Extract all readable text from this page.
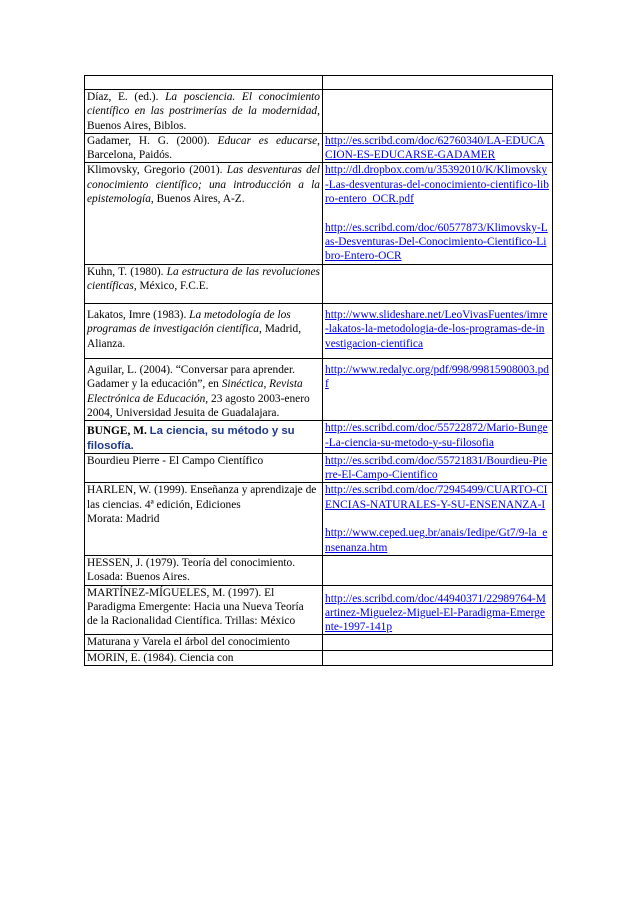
Díaz, E. (ed.). La posciencia. El conocimiento científico en las postrimerías de la modernidad, Buenos Aires, Biblos.	
Gadamer, H. G. (2000). Educar es educarse, Barcelona, Paidós.	http://es.scribd.com/doc/62760340/LA-EDUCACION-ES-EDUCARSE-GADAMER

Klimovsky, Gregorio (2001). Las desventuras del conocimiento científico; una introducción a la epistemología, Buenos Aires, A-Z.	http://dl.dropbox.com/u/35392010/K/Klimovsky-Las-desventuras-del-conocimiento-cientifico-libro-entero_OCR.pdf
http://es.scribd.com/doc/60577873/Klimovsky-Las-Desventuras-Del-Conocimiento-Cientifico-Libro-Entero-OCR

Kuhn, T. (1980). La estructura de las revoluciones científicas, México, F.C.E.	
Lakatos, Imre (1983). La metodología de los programas de investigación científica, Madrid, Alianza.	http://www.slideshare.net/LeoVivasFuentes/imre-lakatos-la-metodologia-de-los-programas-de-investigacion-cientifica

Aguilar, L. (2004). “Conversar para aprender. Gadamer y la educación”, en Sinéctica, Revista Electrónica de Educación, 23 agosto 2003-enero 2004, Universidad Jesuita de Guadalajara.	http://www.redalyc.org/pdf/998/99815908003.pdf

BUNGE, M. La ciencia, su método y su filosofía.	http://es.scribd.com/doc/55722872/Mario-Bunge-La-ciencia-su-metodo-y-su-filosofia

Bourdieu Pierre - El Campo Científico	http://es.scribd.com/doc/55721831/Bourdieu-Pierre-El-Campo-Cientifico

HARLEN, W. (1999). Enseñanza y aprendizaje de las ciencias. 4ª edición, Ediciones
Morata: Madrid	http://es.scribd.com/doc/72945499/CUARTO-CIENCIAS-NATURALES-Y-SU-ENSENANZA-I
http://www.ceped.ueg.br/anais/Iedipe/Gt7/9-la_ensenanza.htm

HESSEN, J. (1979). Teoría del conocimiento. Losada: Buenos Aires.	
MARTÍNEZ-MÍGUELES, M. (1997). El Paradigma Emergente: Hacia una Nueva Teoría
de la Racionalidad Científica. Trillas: México	http://es.scribd.com/doc/44940371/22989764-Martinez-Miguelez-Miguel-El-Paradigma-Emergente-1997-141p

Maturana y Varela el árbol del conocimiento	
MORIN, E. (1984). Ciencia con	
